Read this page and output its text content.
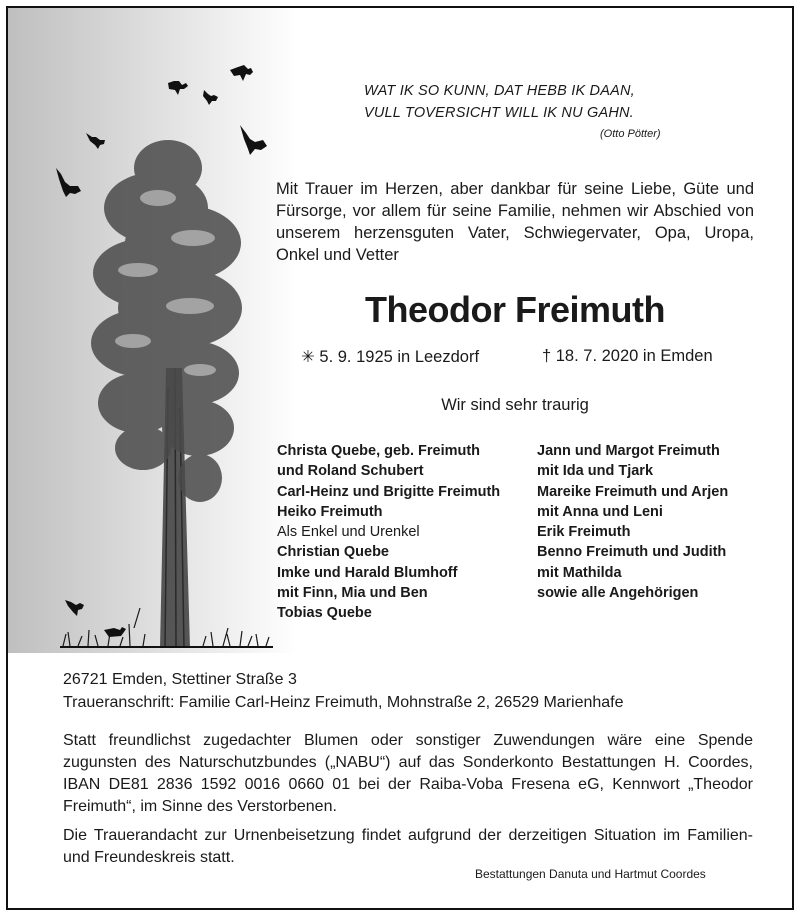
WAT IK SO KUNN, DAT HEBB IK DAAN,
VULL TOVERSICHT WILL IK NU GAHN.
(Otto Pötter)
Mit Trauer im Herzen, aber dankbar für seine Liebe, Güte und Fürsorge, vor allem für seine Familie, nehmen wir Abschied von unserem herzensguten Vater, Schwiegervater, Opa, Uropa, Onkel und Vetter
Theodor Freimuth
✳ 5. 9. 1925 in Leezdorf	† 18. 7. 2020 in Emden
Wir sind sehr traurig
Christa Quebe, geb. Freimuth
und Roland Schubert
Carl-Heinz und Brigitte Freimuth
Heiko Freimuth
Als Enkel und Urenkel
Christian Quebe
Imke und Harald Blumhoff
mit Finn, Mia und Ben
Tobias Quebe
Jann und Margot Freimuth
mit Ida und Tjark
Mareike Freimuth und Arjen
mit Anna und Leni
Erik Freimuth
Benno Freimuth und Judith
mit Mathilda
sowie alle Angehörigen
26721 Emden, Stettiner Straße 3
Traueranschrift: Familie Carl-Heinz Freimuth, Mohnstraße 2, 26529 Marienhafe
Statt freundlichst zugedachter Blumen oder sonstiger Zuwendungen wäre eine Spende zugunsten des Naturschutzbundes („NABU“) auf das Sonderkonto Bestattungen H. Coordes, IBAN DE81 2836 1592 0016 0660 01 bei der Raiba-Voba Fresena eG, Kennwort „Theodor Freimuth“, im Sinne des Verstorbenen.
Die Trauerandacht zur Urnenbeisetzung findet aufgrund der derzeitigen Situation im Familien- und Freundeskreis statt.
Bestattungen Danuta und Hartmut Coordes
